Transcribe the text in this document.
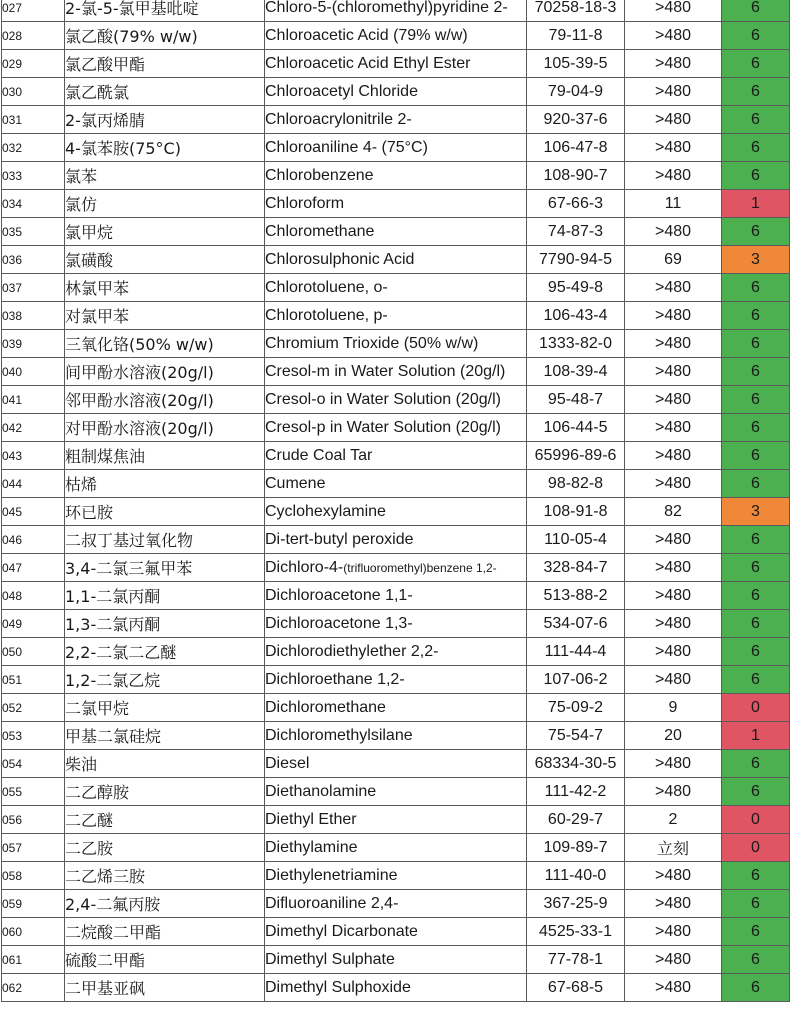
027	2-氯-5-氯甲基吡啶	Chloro-5-(chloromethyl)pyridine 2-	70258-18-3	>480	6
028	氯乙酸(79% w/w)	Chloroacetic Acid (79% w/w)	79-11-8	>480	6
029	氯乙酸甲酯	Chloroacetic Acid Ethyl Ester	105-39-5	>480	6
030	氯乙酰氯	Chloroacetyl Chloride	79-04-9	>480	6
031	2-氯丙烯腈	Chloroacrylonitrile 2-	920-37-6	>480	6
032	4-氯苯胺(75°C)	Chloroaniline 4- (75°C)	106-47-8	>480	6
033	氯苯	Chlorobenzene	108-90-7	>480	6
034	氯仿	Chloroform	67-66-3	11	1
035	氯甲烷	Chloromethane	74-87-3	>480	6
036	氯磺酸	Chlorosulphonic Acid	7790-94-5	69	3
037	林氯甲苯	Chlorotoluene, o-	95-49-8	>480	6
038	对氯甲苯	Chlorotoluene, p-	106-43-4	>480	6
039	三氧化铬(50% w/w)	Chromium Trioxide (50% w/w)	1333-82-0	>480	6
040	间甲酚水溶液(20g/l)	Cresol-m in Water Solution (20g/l)	108-39-4	>480	6
041	邻甲酚水溶液(20g/l)	Cresol-o in Water Solution (20g/l)	95-48-7	>480	6
042	对甲酚水溶液(20g/l)	Cresol-p in Water Solution (20g/l)	106-44-5	>480	6
043	粗制煤焦油	Crude Coal Tar	65996-89-6	>480	6
044	枯烯	Cumene	98-82-8	>480	6
045	环已胺	Cyclohexylamine	108-91-8	82	3
046	二叔丁基过氧化物	Di-tert-butyl peroxide	110-05-4	>480	6
047	3,4-二氯三氟甲苯	Dichloro-4-(trifluoromethyl)benzene 1,2-	328-84-7	>480	6
048	1,1-二氯丙酮	Dichloroacetone 1,1-	513-88-2	>480	6
049	1,3-二氯丙酮	Dichloroacetone 1,3-	534-07-6	>480	6
050	2,2-二氯二乙醚	Dichlorodiethylether 2,2-	111-44-4	>480	6
051	1,2-二氯乙烷	Dichloroethane 1,2-	107-06-2	>480	6
052	二氯甲烷	Dichloromethane	75-09-2	9	0
053	甲基二氯硅烷	Dichloromethylsilane	75-54-7	20	1
054	柴油	Diesel	68334-30-5	>480	6
055	二乙醇胺	Diethanolamine	111-42-2	>480	6
056	二乙醚	Diethyl Ether	60-29-7	2	0
057	二乙胺	Diethylamine	109-89-7	立刻	0
058	二乙烯三胺	Diethylenetriamine	111-40-0	>480	6
059	2,4-二氟丙胺	Difluoroaniline 2,4-	367-25-9	>480	6
060	二烷酸二甲酯	Dimethyl Dicarbonate	4525-33-1	>480	6
061	硫酸二甲酯	Dimethyl Sulphate	77-78-1	>480	6
062	二甲基亚砜	Dimethyl Sulphoxide	67-68-5	>480	6
